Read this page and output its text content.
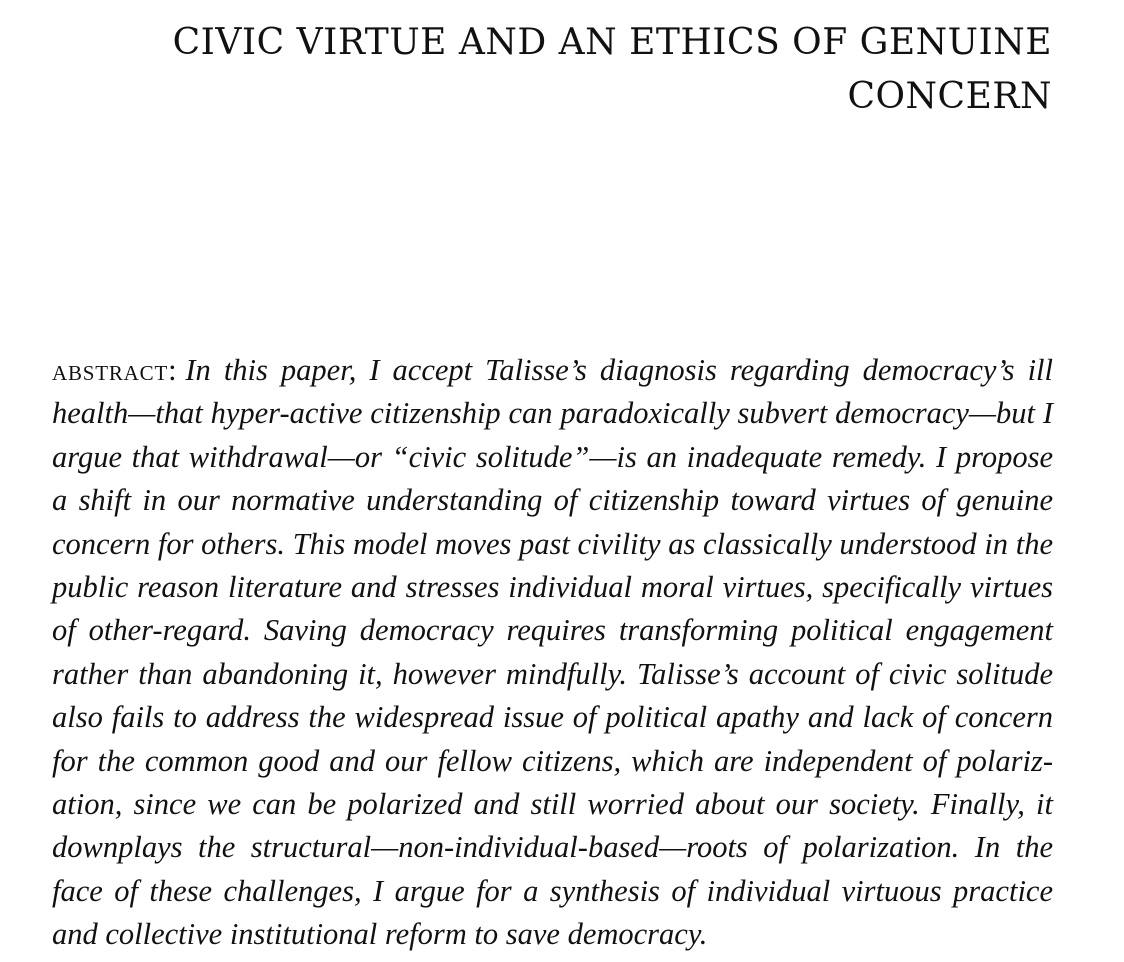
CIVIC VIRTUE AND AN ETHICS OF GENUINE
CONCERN

abstract: In this paper, I accept Talisse’s diagnosis regarding democracy’s ill health—that hyper-active citizenship can paradoxically subvert democracy—but I argue that withdrawal—or “civic solitude”—is an inadequate remedy. I propose a shift in our normative understanding of citizenship toward virtues of genuine concern for others. This model moves past civility as classically understood in the public reason literature and stresses individual moral virtues, specifically virtues of other-regard. Saving democracy requires transforming political engagement rather than abandoning it, however mindfully. Talisse’s account of civic solitude also fails to address the widespread issue of political apathy and lack of concern for the common good and our fellow citizens, which are independent of polarization, since we can be polarized and still worried about our society. Finally, it downplays the structural—non-individual-based—roots of polarization. In the face of these challenges, I argue for a synthesis of individual virtuous practice and collective institutional reform to save democracy.
